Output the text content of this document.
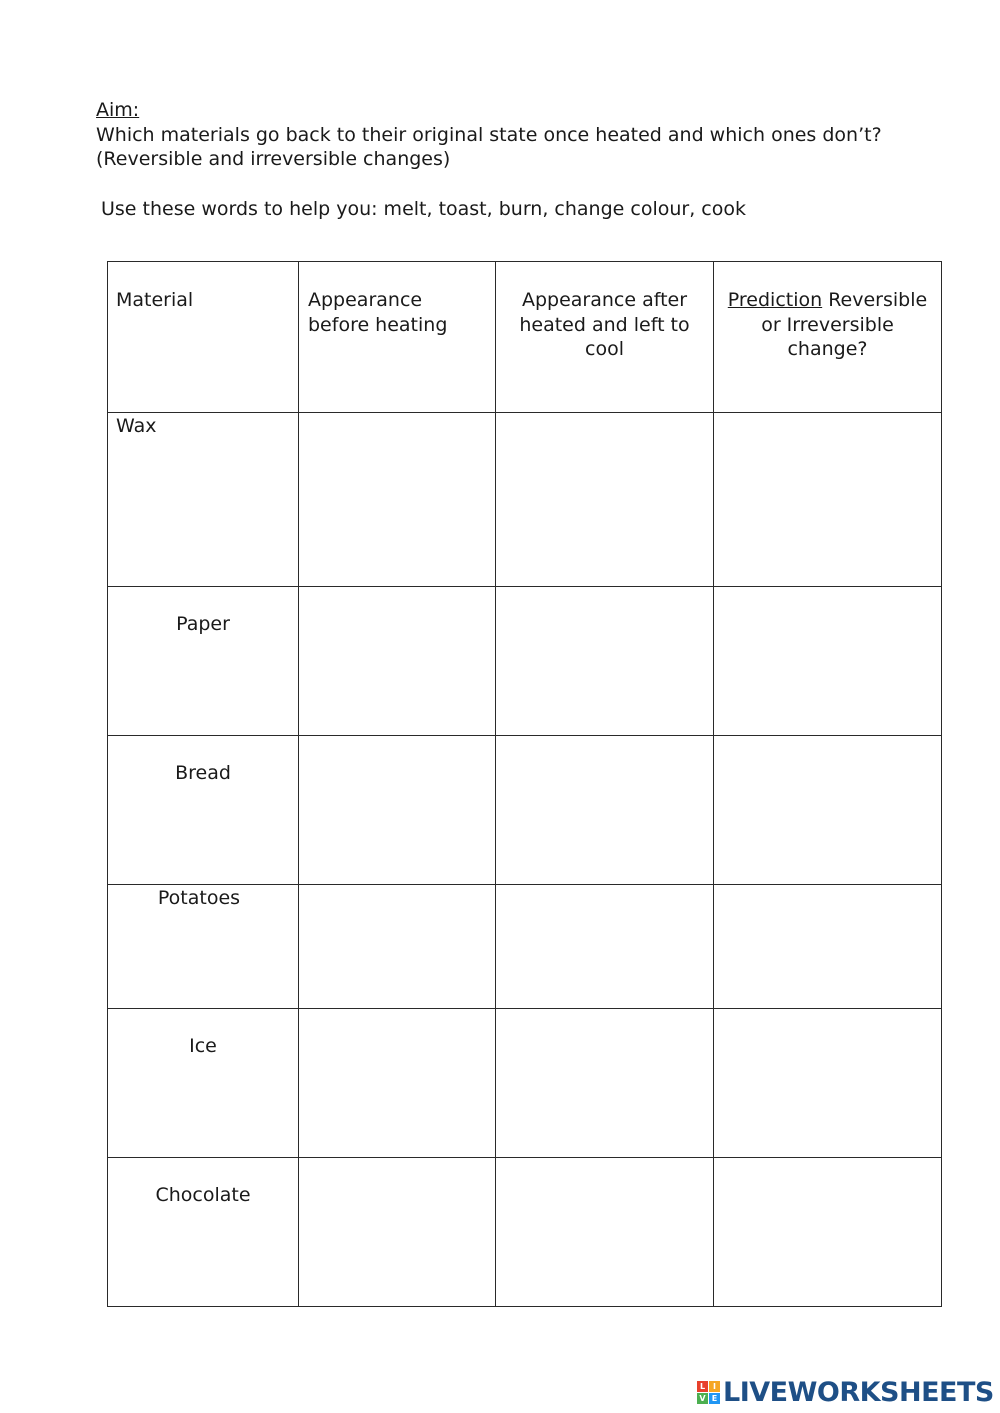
Aim:
Which materials go back to their original state once heated and which ones don’t?
(Reversible and irreversible changes)
Use these words to help you: melt, toast, burn, change colour, cook
Material	Appearance before heating	Appearance after heated and left to cool	Prediction Reversible or Irreversible change?
Wax			
Paper			
Bread			
Potatoes			
Ice			
Chocolate			
L I
V E LIVEWORKSHEETS
